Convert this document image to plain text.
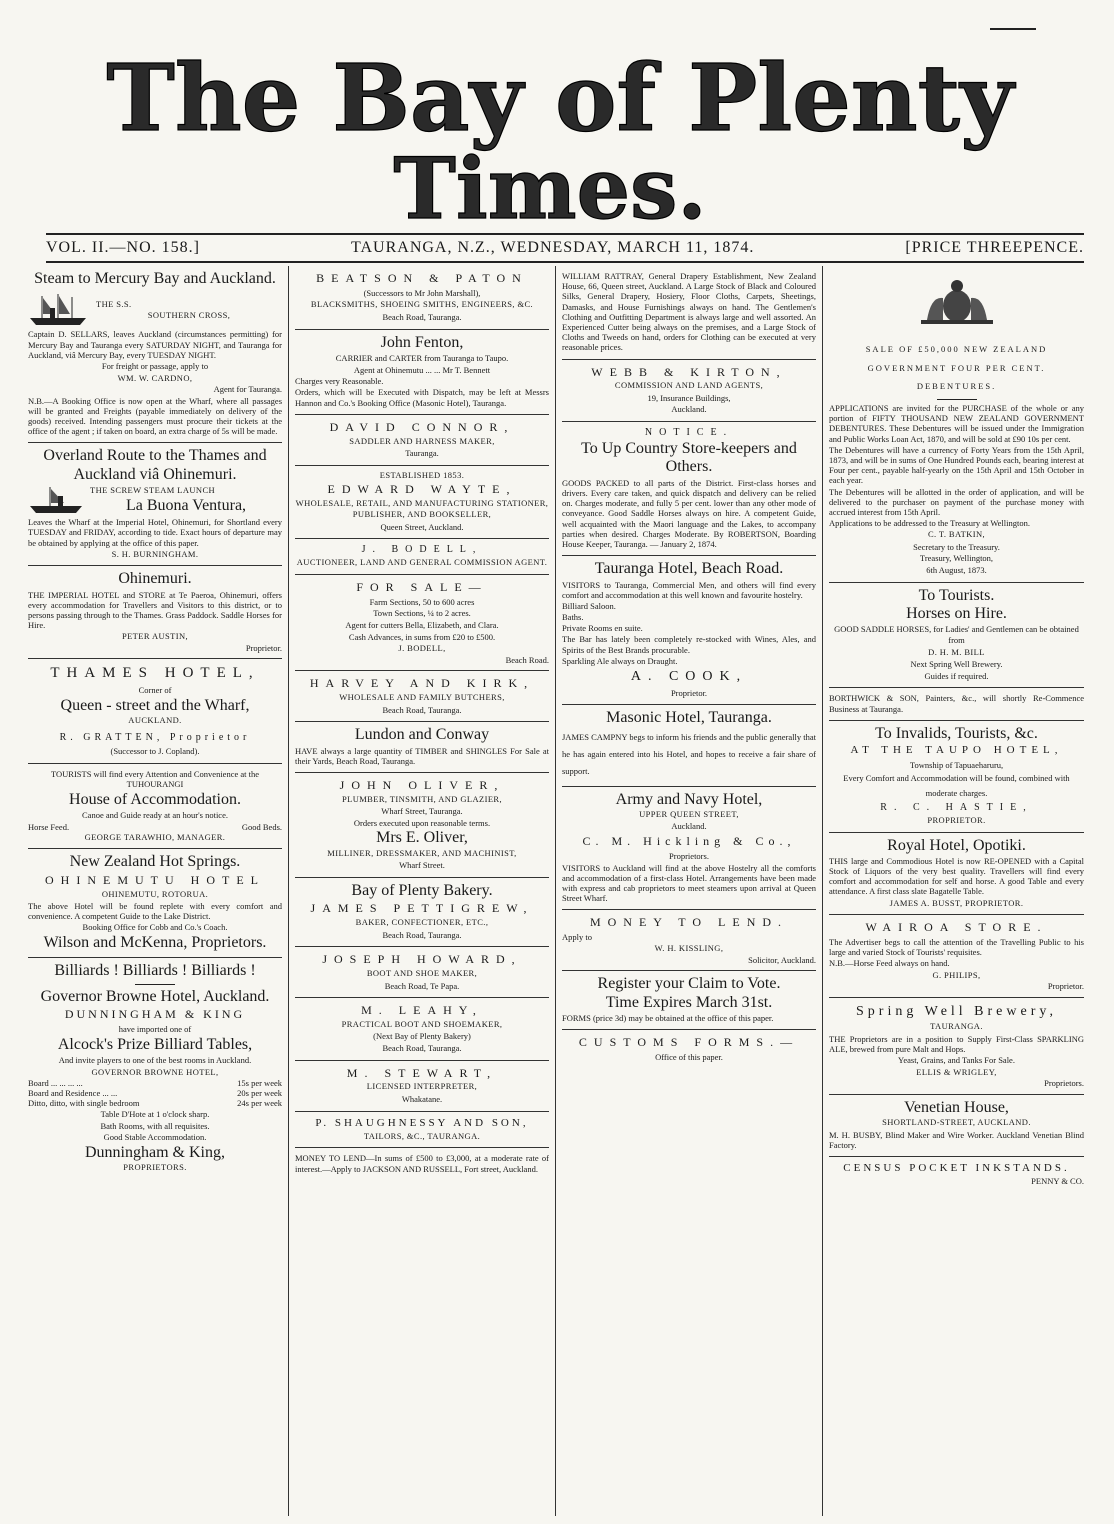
The Bay of Plenty
Times.
VOL. II.—NO. 158.]	TAURANGA, N.Z., WEDNESDAY, MARCH 11, 1874.	[PRICE THREEPENCE.
Steam to Mercury Bay and Auckland.
THE S.S.
SOUTHERN CROSS,

Captain D. SELLARS, leaves Auckland (circumstances permitting) for Mercury Bay and Tauranga every SATURDAY NIGHT, and Tauranga for Auckland, viâ Mercury Bay, every TUESDAY NIGHT.

For freight or passage, apply to

WM. W. CARDNO,
Agent for Tauranga.

N.B.—A Booking Office is now open at the Wharf, where all passages will be granted and Freights (payable immediately on delivery of the goods) received. Intending passengers must procure their tickets at the office of the agent ; if taken on board, an extra charge of 5s will be made.

Overland Route to the Thames and Auckland viâ Ohinemuri.
THE SCREW STEAM LAUNCH
La Buona Ventura,

Leaves the Wharf at the Imperial Hotel, Ohinemuri, for Shortland every TUESDAY and FRIDAY, according to tide. Exact hours of departure may be obtained by applying at the office of this paper.

S. H. BURNINGHAM.
Ohinemuri.

THE IMPERIAL HOTEL and STORE at Te Paeroa, Ohinemuri, offers every accommodation for Travellers and Visitors to this district, or to persons passing through to the Thames. Grass Paddock. Saddle Horses for Hire.

PETER AUSTIN,
Proprietor.
THAMES HOTEL,
Corner of
Queen - street and the Wharf,
AUCKLAND.
R. GRATTEN, Proprietor
(Successor to J. Copland).

TOURISTS will find every Attention and Convenience at the TUHOURANGI

House of Accommodation.

Canoe and Guide ready at an hour's notice.

Horse Feed.	Good Beds.
GEORGE TARAWHIO, MANAGER.
New Zealand Hot Springs.
OHINEMUTU HOTEL
OHINEMUTU, ROTORUA.

The above Hotel will be found replete with every comfort and convenience. A competent Guide to the Lake District.

Booking Office for Cobb and Co.'s Coach.

Wilson and McKenna, Proprietors.
Billiards ! Billiards ! Billiards !
Governor Browne Hotel, Auckland.
DUNNINGHAM & KING
have imported one of
Alcock's Prize Billiard Tables,

And invite players to one of the best rooms in Auckland.

GOVERNOR BROWNE HOTEL,
Board ... ... ... ...	15s per week
Board and Residence ... ...	20s per week
Ditto, ditto, with single bedroom	24s per week

Table D'Hote at 1 o'clock sharp.

Bath Rooms, with all requisites.

Good Stable Accommodation.

Dunningham & King,
PROPRIETORS.
BEATSON & PATON
(Successors to Mr John Marshall),
BLACKSMITHS, SHOEING SMITHS, ENGINEERS, &C.
Beach Road, Tauranga.
John Fenton,

CARRIER and CARTER from Tauranga to Taupo.

Agent at Ohinemutu ... ... Mr T. Bennett

Charges very Reasonable.

Orders, which will be Executed with Dispatch, may be left at Messrs Hannon and Co.'s Booking Office (Masonic Hotel), Tauranga.

DAVID CONNOR,
SADDLER AND HARNESS MAKER,
Tauranga.
ESTABLISHED 1853.
EDWARD WAYTE,
WHOLESALE, RETAIL, AND MANUFACTURING STATIONER, PUBLISHER, AND BOOKSELLER,
Queen Street, Auckland.
J. BODELL,
AUCTIONEER, LAND AND GENERAL COMMISSION AGENT.
FOR SALE—
Farm Sections, 50 to 600 acres
Town Sections, ¼ to 2 acres.
Agent for cutters Bella, Elizabeth, and Clara.
Cash Advances, in sums from £20 to £500.
J. BODELL,
Beach Road.
HARVEY AND KIRK,
WHOLESALE AND FAMILY BUTCHERS,
Beach Road, Tauranga.
Lundon and Conway

HAVE always a large quantity of TIMBER and SHINGLES For Sale at their Yards, Beach Road, Tauranga.

JOHN OLIVER,
PLUMBER, TINSMITH, AND GLAZIER,
Wharf Street, Tauranga.
Orders executed upon reasonable terms.
Mrs E. Oliver,
MILLINER, DRESSMAKER, AND MACHINIST,
Wharf Street.
Bay of Plenty Bakery.
JAMES PETTIGREW,
BAKER, CONFECTIONER, ETC.,
Beach Road, Tauranga.
JOSEPH HOWARD,
BOOT AND SHOE MAKER,
Beach Road, Te Papa.
M. LEAHY,
PRACTICAL BOOT AND SHOEMAKER,
(Next Bay of Plenty Bakery)
Beach Road, Tauranga.
M. STEWART,
LICENSED INTERPRETER,
Whakatane.
P. SHAUGHNESSY AND SON,
TAILORS, &C., TAURANGA.

MONEY TO LEND—In sums of £500 to £3,000, at a moderate rate of interest.—Apply to JACKSON AND RUSSELL, Fort street, Auckland.

WILLIAM RATTRAY, General Drapery Establishment, New Zealand House, 66, Queen street, Auckland. A Large Stock of Black and Coloured Silks, General Drapery, Hosiery, Floor Cloths, Carpets, Sheetings, Damasks, and House Furnishings always on hand. The Gentlemen's Clothing and Outfitting Department is always large and well assorted. An Experienced Cutter being always on the premises, and a Large Stock of Cloths and Tweeds on hand, orders for Clothing can be executed at very reasonable prices.

WEBB & KIRTON,
COMMISSION AND LAND AGENTS,
19, Insurance Buildings,
Auckland.
NOTICE.
To Up Country Store-keepers and Others.

GOODS PACKED to all parts of the District. First-class horses and drivers. Every care taken, and quick dispatch and delivery can be relied on. Charges moderate, and fully 5 per cent. lower than any other mode of conveyance. Good Saddle Horses always on hire. A competent Guide, well acquainted with the Maori language and the Lakes, to accompany parties when desired. Charges Moderate. By ROBERTSON, Boarding House Keeper, Tauranga. — January 2, 1874.

Tauranga Hotel, Beach Road.

VISITORS to Tauranga, Commercial Men, and others will find every comfort and accommodation at this well known and favourite hostelry.

Billiard Saloon.
Baths.
Private Rooms en suite.

The Bar has lately been completely re-stocked with Wines, Ales, and Spirits of the Best Brands procurable.

Sparkling Ale always on Draught.

A. COOK,
Proprietor.
Masonic Hotel, Tauranga.

JAMES CAMPNY begs to inform his friends and the public generally that he has again entered into his Hotel, and hopes to receive a fair share of support.

Army and Navy Hotel,
UPPER QUEEN STREET,
Auckland.
C. M. Hickling & Co.,
Proprietors.

VISITORS to Auckland will find at the above Hostelry all the comforts and accommodation of a first-class Hotel. Arrangements have been made with express and cab proprietors to meet steamers upon arrival at Queen Street Wharf.

MONEY TO LEND.

Apply to

W. H. KISSLING,
Solicitor, Auckland.
Register your Claim to Vote.
Time Expires March 31st.

FORMS (price 3d) may be obtained at the office of this paper.

CUSTOMS FORMS.—
Office of this paper.

SALE OF £50,000 NEW ZEALAND GOVERNMENT FOUR PER CENT. DEBENTURES.

APPLICATIONS are invited for the PURCHASE of the whole or any portion of FIFTY THOUSAND NEW ZEALAND GOVERNMENT DEBENTURES. These Debentures will be issued under the Immigration and Public Works Loan Act, 1870, and will be sold at £90 10s per cent.

The Debentures will have a currency of Forty Years from the 15th April, 1873, and will be in sums of One Hundred Pounds each, bearing interest at Four per cent., payable half-yearly on the 15th April and 15th October in each year.

The Debentures will be allotted in the order of application, and will be delivered to the purchaser on payment of the purchase money with accrued interest from 15th April.

Applications to be addressed to the Treasury at Wellington.

C. T. BATKIN,
Secretary to the Treasury.
Treasury, Wellington,
6th August, 1873.
To Tourists.
Horses on Hire.

GOOD SADDLE HORSES, for Ladies' and Gentlemen can be obtained from

D. H. M. BILL
Next Spring Well Brewery.
Guides if required.

BORTHWICK & SON, Painters, &c., will shortly Re-Commence Business at Tauranga.

To Invalids, Tourists, &c.
AT THE TAUPO HOTEL,
Township of Tapuaeharuru,

Every Comfort and Accommodation will be found, combined with moderate charges.

R. C. HASTIE,
PROPRIETOR.
Royal Hotel, Opotiki.

THIS large and Commodious Hotel is now RE-OPENED with a Capital Stock of Liquors of the very best quality. Travellers will find every comfort and accommodation for self and horse. A good Table and every attendance. A first class slate Bagatelle Table.

JAMES A. BUSST, PROPRIETOR.
WAIROA STORE.

The Advertiser begs to call the attention of the Travelling Public to his large and varied Stock of Tourists' requisites.

N.B.—Horse Feed always on hand.

G. PHILIPS,
Proprietor.
Spring Well Brewery,
TAURANGA.

THE Proprietors are in a position to Supply First-Class SPARKLING ALE, brewed from pure Malt and Hops.

Yeast, Grains, and Tanks For Sale.

ELLIS & WRIGLEY,
Proprietors.
Venetian House,
SHORTLAND-STREET, AUCKLAND.

M. H. BUSBY, Blind Maker and Wire Worker. Auckland Venetian Blind Factory.

CENSUS POCKET INKSTANDS.
PENNY & CO.
